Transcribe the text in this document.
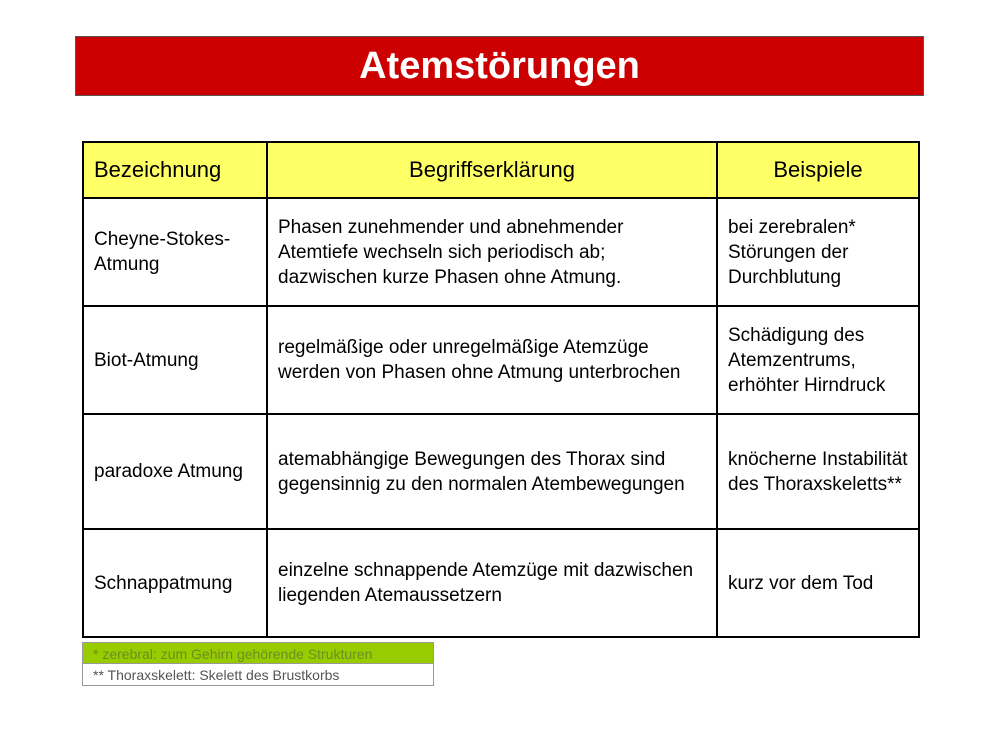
Atemstörungen
Bezeichnung	Begriffserklärung	Beispiele
Cheyne-Stokes-Atmung	Phasen zunehmender und abnehmender Atemtiefe wechseln sich periodisch ab; dazwischen kurze Phasen ohne Atmung.	bei zerebralen* Störungen der Durchblutung
Biot-Atmung	regelmäßige oder unregelmäßige Atemzüge werden von Phasen ohne Atmung unterbrochen	Schädigung des Atemzentrums, erhöhter Hirndruck
paradoxe Atmung	atemabhängige Bewegungen des Thorax sind gegensinnig zu den normalen Atembewegungen	knöcherne Instabilität des Thoraxskeletts**
Schnappatmung	einzelne schnappende Atemzüge mit dazwischen liegenden Atemaussetzern	kurz vor dem Tod
* zerebral: zum Gehirn gehörende Strukturen
** Thoraxskelett: Skelett des Brustkorbs
